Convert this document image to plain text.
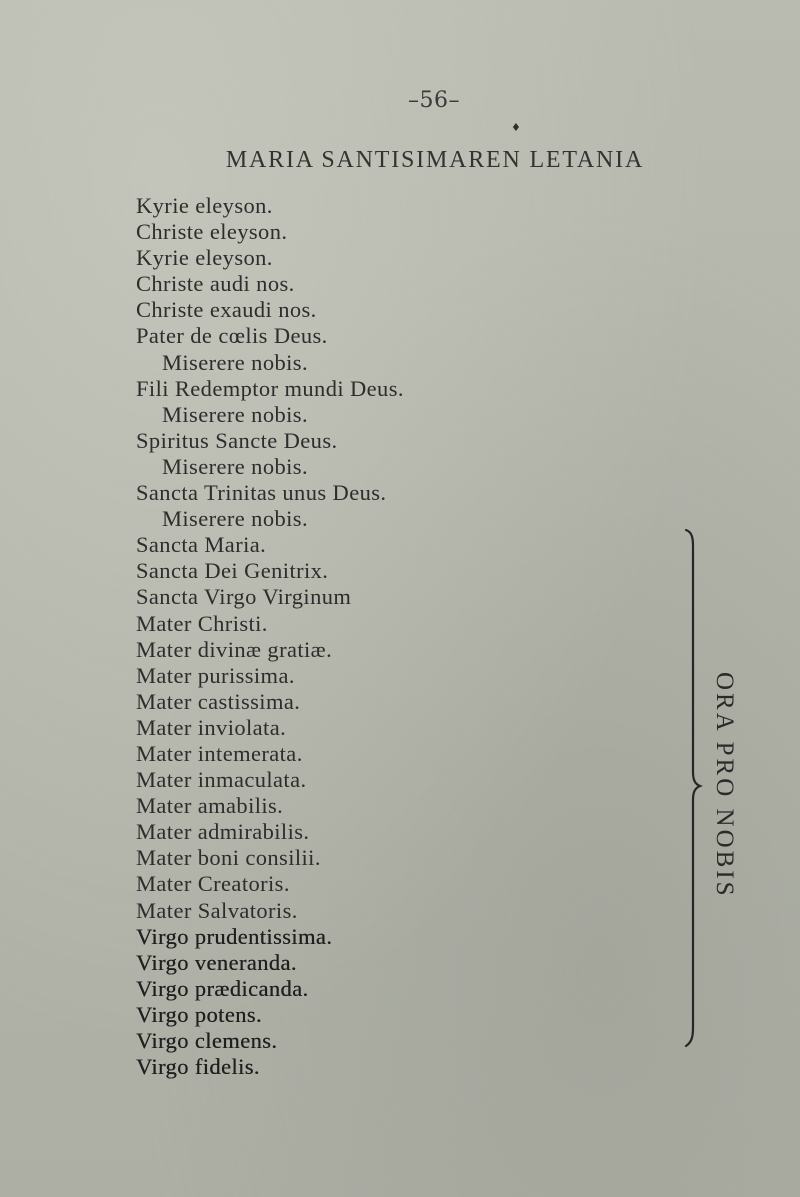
–56–
♦
MARIA SANTISIMAREN LETANIA
Kyrie eleyson.
Christe eleyson.
Kyrie eleyson.
Christe audi nos.
Christe exaudi nos.
Pater de cœlis Deus.
Miserere nobis.
Fili Redemptor mundi Deus.
Miserere nobis.
Spiritus Sancte Deus.
Miserere nobis.
Sancta Trinitas unus Deus.
Miserere nobis.
Sancta Maria.
Sancta Dei Genitrix.
Sancta Virgo Virginum
Mater Christi.
Mater divinæ gratiæ.
Mater purissima.
Mater castissima.
Mater inviolata.
Mater intemerata.
Mater inmaculata.
Mater amabilis.
Mater admirabilis.
Mater boni consilii.
Mater Creatoris.
Mater Salvatoris.
Virgo prudentissima.
Virgo veneranda.
Virgo prædicanda.
Virgo potens.
Virgo clemens.
Virgo fidelis.
ORA PRO NOBIS
